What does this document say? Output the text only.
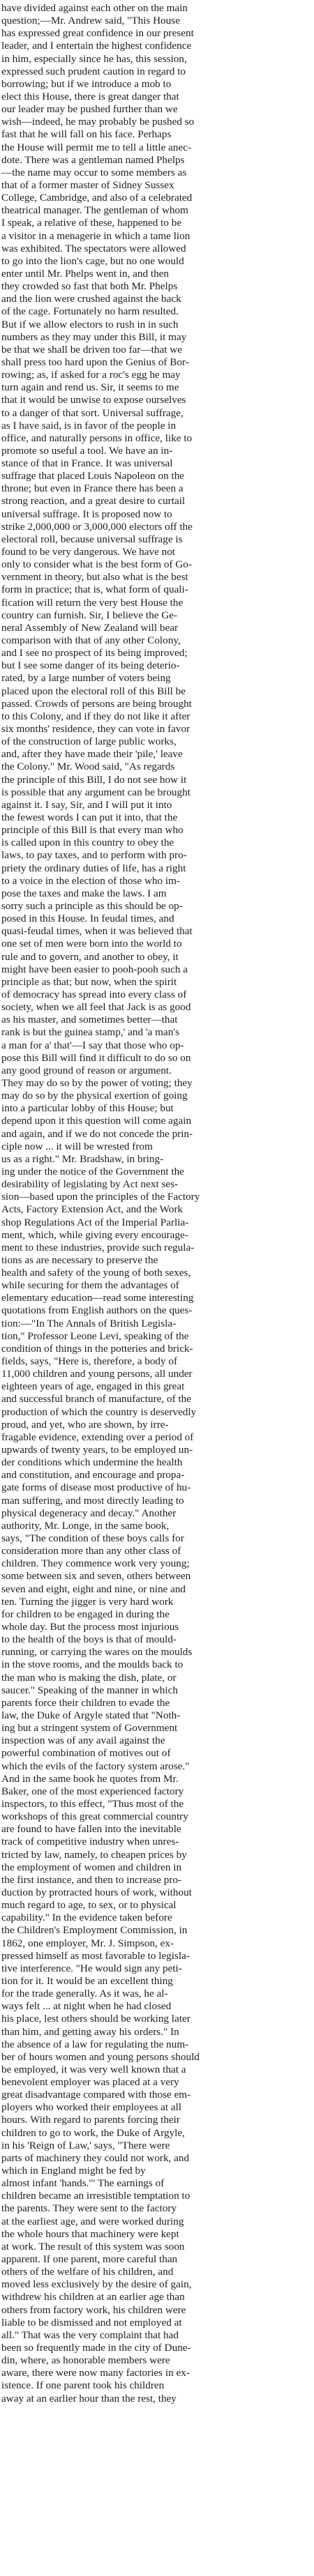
have divided against each other on the main
question;—Mr. Andrew said, "This House
has expressed great confidence in our present
leader, and I entertain the highest confidence
in him, especially since he has, this session,
expressed such prudent caution in regard to
borrowing; but if we introduce a mob to
elect this House, there is great danger that
our leader may be pushed further than we
wish—indeed, he may probably be pushed so
fast that he will fall on his face. Perhaps
the House will permit me to tell a little anec-
dote. There was a gentleman named Phelps
—the name may occur to some members as
that of a former master of Sidney Sussex
College, Cambridge, and also of a celebrated
theatrical manager. The gentleman of whom
I speak, a relative of these, happened to be
a visitor in a menagerie in which a tame lion
was exhibited. The spectators were allowed
to go into the lion's cage, but no one would
enter until Mr. Phelps went in, and then
they crowded so fast that both Mr. Phelps
and the lion were crushed against the back
of the cage. Fortunately no harm resulted.
But if we allow electors to rush in in such
numbers as they may under this Bill, it may
be that we shall be driven too far—that we
shall press too hard upon the Genius of Bor-
rowing; as, if asked for a roc's egg he may
turn again and rend us. Sir, it seems to me
that it would be unwise to expose ourselves
to a danger of that sort. Universal suffrage,
as I have said, is in favor of the people in
office, and naturally persons in office, like to
promote so useful a tool. We have an in-
stance of that in France. It was universal
suffrage that placed Louis Napoleon on the
throne; but even in France there has been a
strong reaction, and a great desire to curtail
universal suffrage. It is proposed now to
strike 2,000,000 or 3,000,000 electors off the
electoral roll, because universal suffrage is
found to be very dangerous. We have not
only to consider what is the best form of Go-
vernment in theory, but also what is the best
form in practice; that is, what form of quali-
fication will return the very best House the
country can furnish. Sir, I believe the Ge-
neral Assembly of New Zealand will bear
comparison with that of any other Colony,
and I see no prospect of its being improved;
but I see some danger of its being deterio-
rated, by a large number of voters being
placed upon the electoral roll of this Bill be
passed. Crowds of persons are being brought
to this Colony, and if they do not like it after
six months' residence, they can vote in favor
of the construction of large public works,
and, after they have made their 'pile,' leave
the Colony." Mr. Wood said, "As regards
the principle of this Bill, I do not see how it
is possible that any argument can be brought
against it. I say, Sir, and I will put it into
the fewest words I can put it into, that the
principle of this Bill is that every man who
is called upon in this country to obey the
laws, to pay taxes, and to perform with pro-
priety the ordinary duties of life, has a right
to a voice in the election of those who im-
pose the taxes and make the laws. I am
sorry such a principle as this should be op-
posed in this House. In feudal times, and
quasi-feudal times, when it was believed that
one set of men were born into the world to
rule and to govern, and another to obey, it
might have been easier to pooh-pooh such a
principle as that; but now, when the spirit
of democracy has spread into every class of
society, when we all feel that Jack is as good
as his master, and sometimes better—that
rank is but the guinea stamp,' and 'a man's
a man for a' that'—I say that those who op-
pose this Bill will find it difficult to do so on
any good ground of reason or argument.
They may do so by the power of voting; they
may do so by the physical exertion of going
into a particular lobby of this House; but
depend upon it this question will come again
and again, and if we do not concede the prin-
ciple now ... it will be wrested from
us as a right." Mr. Bradshaw, in bring-
ing under the notice of the Government the
desirability of legislating by Act next ses-
sion—based upon the principles of the Factory
Acts, Factory Extension Act, and the Work
shop Regulations Act of the Imperial Parlia-
ment, which, while giving every encourage-
ment to these industries, provide such regula-
tions as are necessary to preserve the
health and safety of the young of both sexes,
while securing for them the advantages of
elementary education—read some interesting
quotations from English authors on the ques-
tion:—"In The Annals of British Legisla-
tion," Professor Leone Levi, speaking of the
condition of things in the potteries and brick-
fields, says, "Here is, therefore, a body of
11,000 children and young persons, all under
eighteen years of age, engaged in this great
and successful branch of manufacture, of the
production of which the country is deservedly
proud, and yet, who are shown, by irre-
fragable evidence, extending over a period of
upwards of twenty years, to be employed un-
der conditions which undermine the health
and constitution, and encourage and propa-
gate forms of disease most productive of hu-
man suffering, and most directly leading to
physical degeneracy and decay." Another
authority, Mr. Longe, in the same book,
says, "The condition of these boys calls for
consideration more than any other class of
children. They commence work very young;
some between six and seven, others between
seven and eight, eight and nine, or nine and
ten. Turning the jigger is very hard work
for children to be engaged in during the
whole day. But the process most injurious
to the health of the boys is that of mould-
running, or carrying the wares on the moulds
in the stove rooms, and the moulds back to
the man who is making the dish, plate, or
saucer." Speaking of the manner in which
parents force their children to evade the
law, the Duke of Argyle stated that "Noth-
ing but a stringent system of Government
inspection was of any avail against the
powerful combination of motives out of
which the evils of the factory system arose."
And in the same book he quotes from Mr.
Baker, one of the most experienced factory
inspectors, to this effect, "Thus most of the
workshops of this great commercial country
are found to have fallen into the inevitable
track of competitive industry when unres-
tricted by law, namely, to cheapen prices by
the employment of women and children in
the first instance, and then to increase pro-
duction by protracted hours of work, without
much regard to age, to sex, or to physical
capability." In the evidence taken before
the Children's Employment Commission, in
1862, one employer, Mr. J. Simpson, ex-
pressed himself as most favorable to legisla-
tive interference. "He would sign any peti-
tion for it. It would be an excellent thing
for the trade generally. As it was, he al-
ways felt ... at night when he had closed
his place, lest others should be working later
than him, and getting away his orders." In
the absence of a law for regulating the num-
ber of hours women and young persons should
be employed, it was very well known that a
benevolent employer was placed at a very
great disadvantage compared with those em-
ployers who worked their employees at all
hours. With regard to parents forcing their
children to go to work, the Duke of Argyle,
in his 'Reign of Law,' says, "There were
parts of machinery they could not work, and
which in England might be fed by
almost infant 'hands.'" The earnings of
children became an irresistible temptation to
the parents. They were sent to the factory
at the earliest age, and were worked during
the whole hours that machinery were kept
at work. The result of this system was soon
apparent. If one parent, more careful than
others of the welfare of his children, and
moved less exclusively by the desire of gain,
withdrew his children at an earlier age than
others from factory work, his children were
liable to be dismissed and not employed at
all." That was the very complaint that had
been so frequently made in the city of Dune-
din, where, as honorable members were
aware, there were now many factories in ex-
istence. If one parent took his children
away at an earlier hour than the rest, they
